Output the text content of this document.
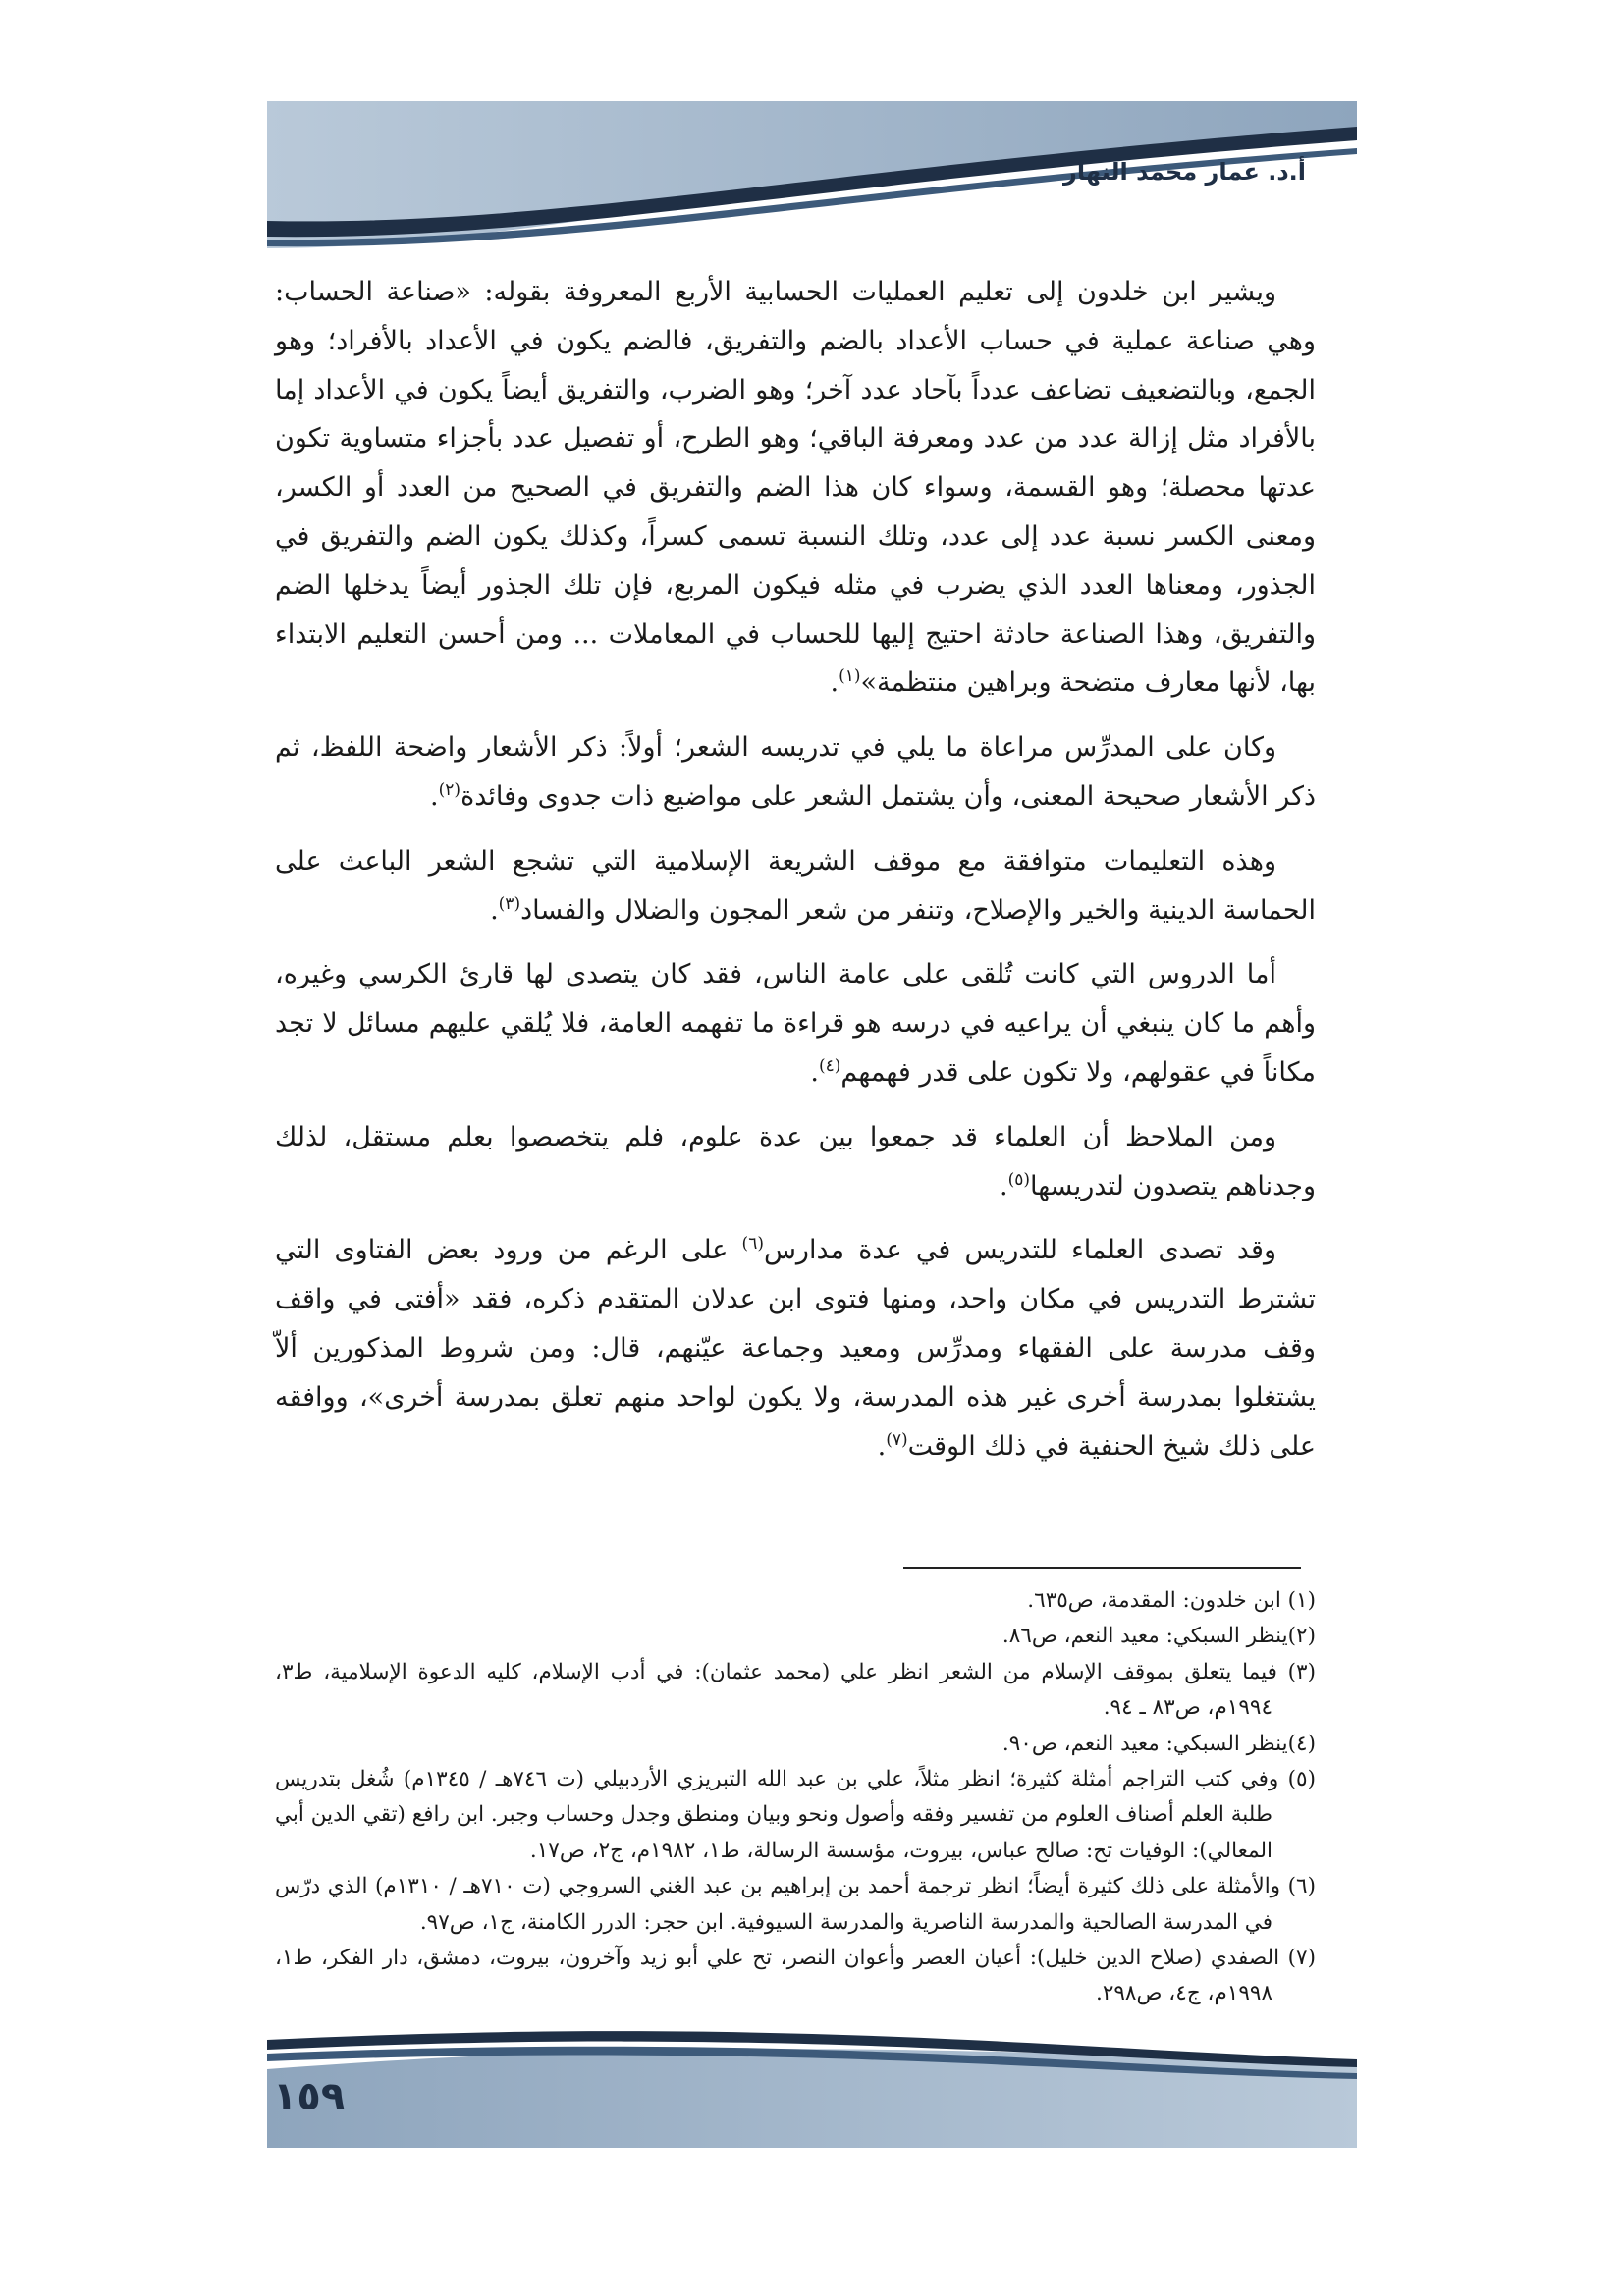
أ.د. عمار محمد النهار

ويشير ابن خلدون إلى تعليم العمليات الحسابية الأربع المعروفة بقوله: «صناعة الحساب: وهي صناعة عملية في حساب الأعداد بالضم والتفريق، فالضم يكون في الأعداد بالأفراد؛ وهو الجمع، وبالتضعيف تضاعف عدداً بآحاد عدد آخر؛ وهو الضرب، والتفريق أيضاً يكون في الأعداد إما بالأفراد مثل إزالة عدد من عدد ومعرفة الباقي؛ وهو الطرح، أو تفصيل عدد بأجزاء متساوية تكون عدتها محصلة؛ وهو القسمة، وسواء كان هذا الضم والتفريق في الصحيح من العدد أو الكسر، ومعنى الكسر نسبة عدد إلى عدد، وتلك النسبة تسمى كسراً، وكذلك يكون الضم والتفريق في الجذور، ومعناها العدد الذي يضرب في مثله فيكون المربع، فإن تلك الجذور أيضاً يدخلها الضم والتفريق، وهذا الصناعة حادثة احتيج إليها للحساب في المعاملات ... ومن أحسن التعليم الابتداء بها، لأنها معارف متضحة وبراهين منتظمة»$^{(١)}$.

وكان على المدرِّس مراعاة ما يلي في تدريسه الشعر؛ أولاً: ذكر الأشعار واضحة اللفظ، ثم ذكر الأشعار صحيحة المعنى، وأن يشتمل الشعر على مواضيع ذات جدوى وفائدة$^{(٢)}$.

وهذه التعليمات متوافقة مع موقف الشريعة الإسلامية التي تشجع الشعر الباعث على الحماسة الدينية والخير والإصلاح، وتنفر من شعر المجون والضلال والفساد$^{(٣)}$.

أما الدروس التي كانت تُلقى على عامة الناس، فقد كان يتصدى لها قارئ الكرسي وغيره، وأهم ما كان ينبغي أن يراعيه في درسه هو قراءة ما تفهمه العامة، فلا يُلقي عليهم مسائل لا تجد مكاناً في عقولهم، ولا تكون على قدر فهمهم$^{(٤)}$.

ومن الملاحظ أن العلماء قد جمعوا بين عدة علوم، فلم يتخصصوا بعلم مستقل، لذلك وجدناهم يتصدون لتدريسها$^{(٥)}$.

وقد تصدى العلماء للتدريس في عدة مدارس$^{(٦)}$ على الرغم من ورود بعض الفتاوى التي تشترط التدريس في مكان واحد، ومنها فتوى ابن عدلان المتقدم ذكره، فقد «أفتى في واقف وقف مدرسة على الفقهاء ومدرِّس ومعيد وجماعة عيّنهم، قال: ومن شروط المذكورين ألاّ يشتغلوا بمدرسة أخرى غير هذه المدرسة، ولا يكون لواحد منهم تعلق بمدرسة أخرى»، ووافقه على ذلك شيخ الحنفية في ذلك الوقت$^{(٧)}$.

(١) ابن خلدون: المقدمة، ص٦٣٥.

(٢)ينظر السبكي: معيد النعم، ص٨٦.

(٣) فيما يتعلق بموقف الإسلام من الشعر انظر علي (محمد عثمان): في أدب الإسلام، كليه الدعوة الإسلامية، ط٣، ١٩٩٤م، ص٨٣ ـ ٩٤.

(٤)ينظر السبكي: معيد النعم، ص٩٠.

(٥) وفي كتب التراجم أمثلة كثيرة؛ انظر مثلاً، علي بن عبد الله التبريزي الأردبيلي (ت ٧٤٦هـ / ١٣٤٥م) شُغل بتدريس طلبة العلم أصناف العلوم من تفسير وفقه وأصول ونحو وبيان ومنطق وجدل وحساب وجبر. ابن رافع (تقي الدين أبي المعالي): الوفيات تح: صالح عباس، بيروت، مؤسسة الرسالة، ط١، ١٩٨٢م، ج٢، ص١٧.

(٦) والأمثلة على ذلك كثيرة أيضاً؛ انظر ترجمة أحمد بن إبراهيم بن عبد الغني السروجي (ت ٧١٠هـ / ١٣١٠م) الذي درّس في المدرسة الصالحية والمدرسة الناصرية والمدرسة السيوفية. ابن حجر: الدرر الكامنة، ج١، ص٩٧.

(٧) الصفدي (صلاح الدين خليل): أعيان العصر وأعوان النصر، تح علي أبو زيد وآخرون، بيروت، دمشق، دار الفكر، ط١، ١٩٩٨م، ج٤، ص٢٩٨.

١٥٩
